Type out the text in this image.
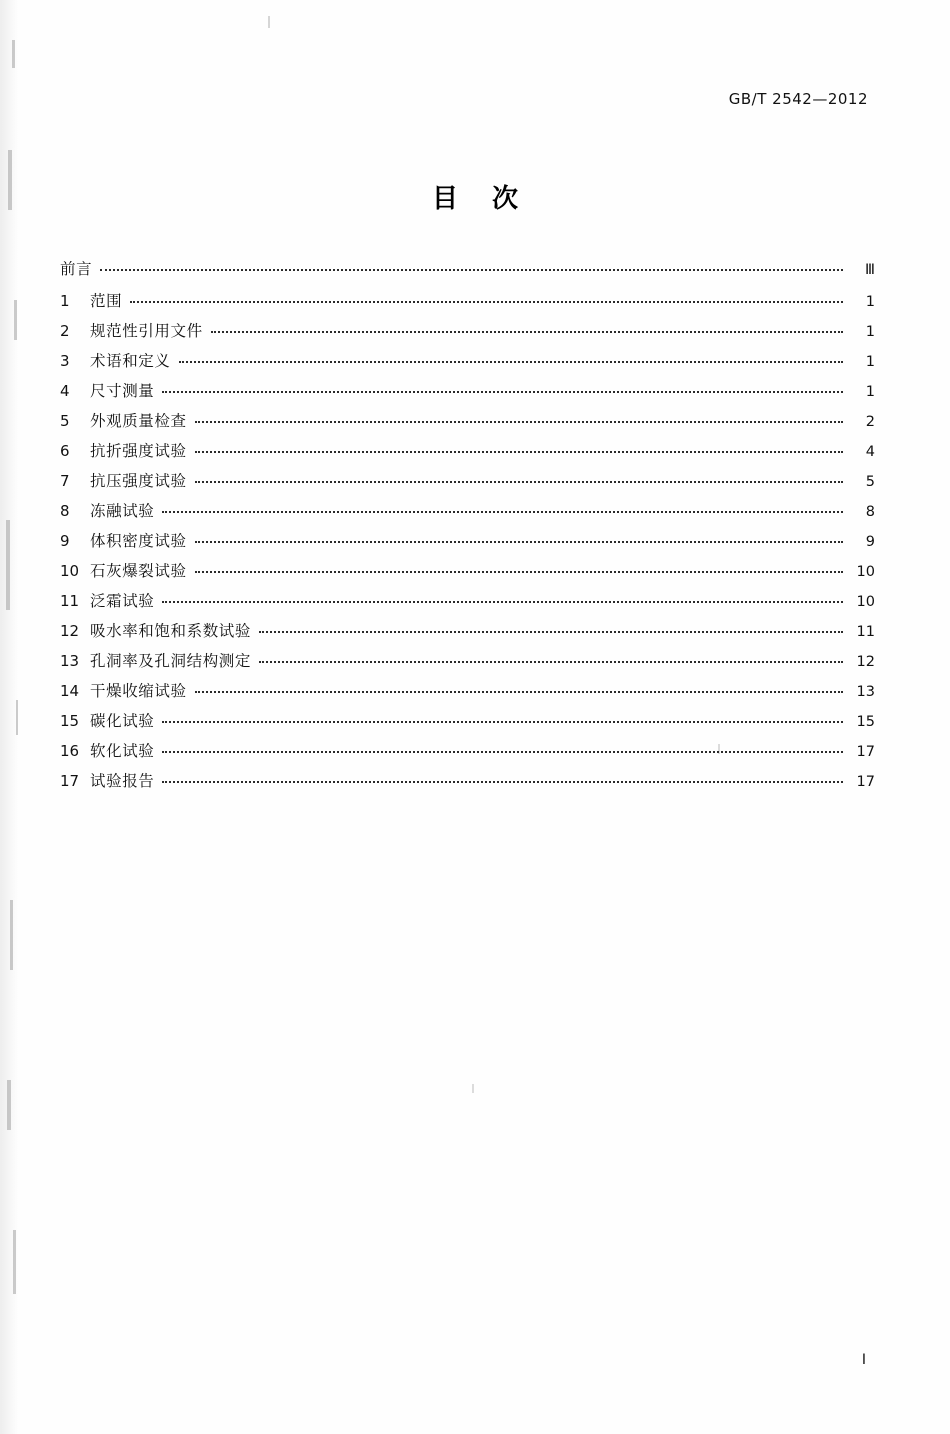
GB/T 2542—2012
目次
前言	Ⅲ
1	范围	1
2	规范性引用文件	1
3	术语和定义	1
4	尺寸测量	1
5	外观质量检查	2
6	抗折强度试验	4
7	抗压强度试验	5
8	冻融试验	8
9	体积密度试验	9
10 石灰爆裂试验	10
11 泛霜试验	10
12 吸水率和饱和系数试验	11
13 孔洞率及孔洞结构测定	12
14 干燥收缩试验	13
15 碳化试验	15
16 软化试验	17
17 试验报告	17
I
